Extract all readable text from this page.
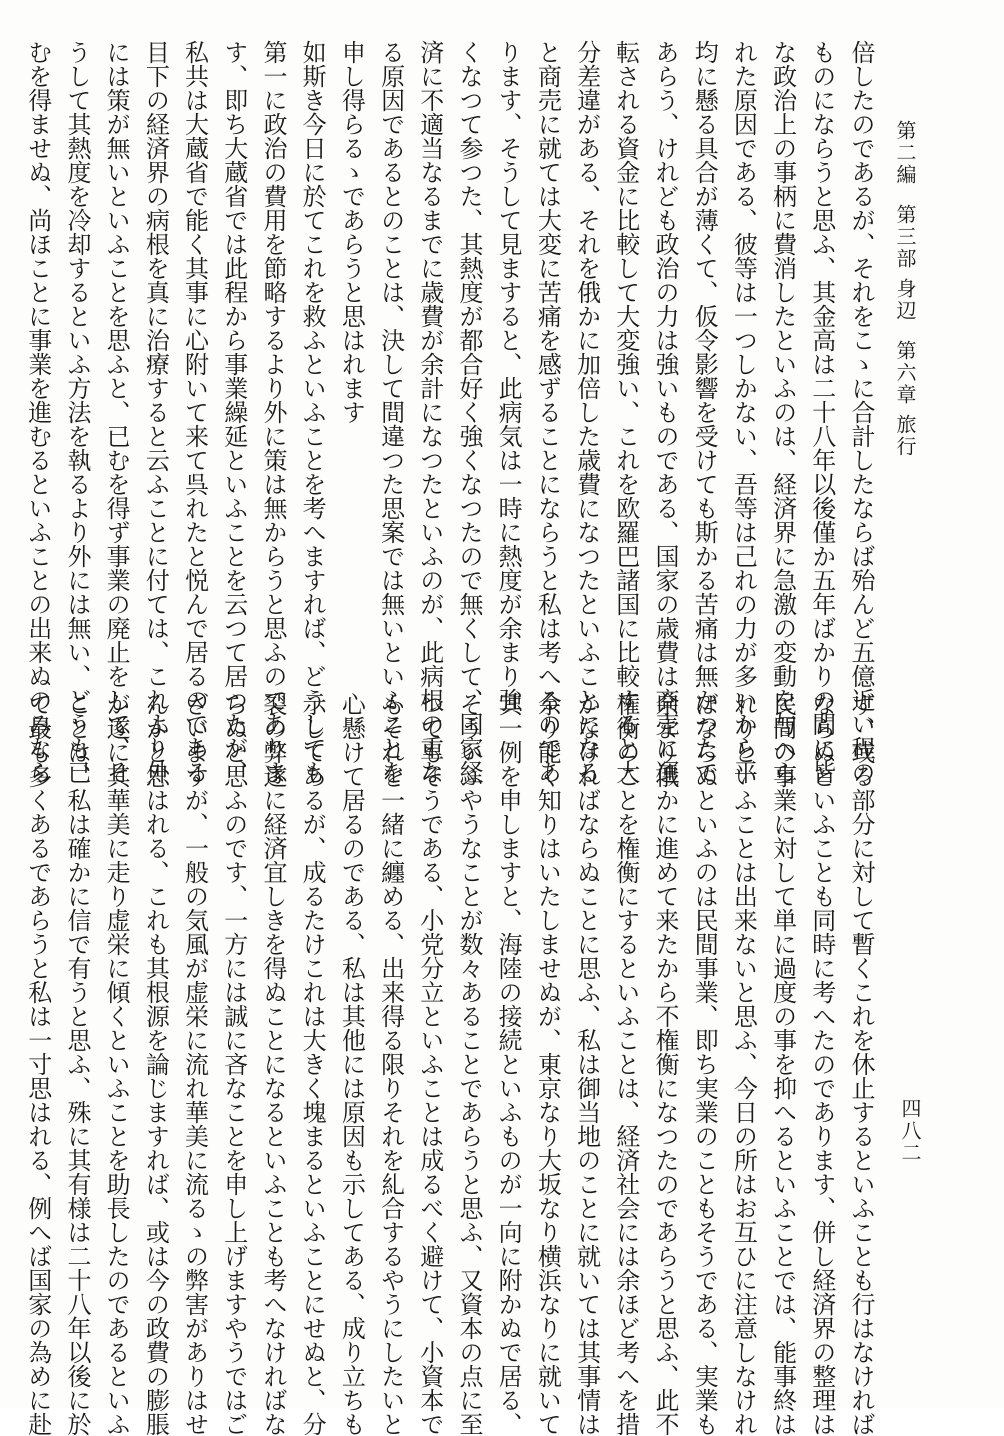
第二編第三部身辺第六章旅行
四八二

倍したのであるが、それをこゝに合計したならば殆んど五億近い程の

ものにならうと思ふ、其金高は二十八年以後僅か五年ばかりの間に皆

な政治上の事柄に費消したといふのは、経済界に急激の変動を与へら

れた原因である、彼等は一つしかない、吾等は己れの力が多いから平

均に懸る具合が薄くて、仮令影響を受けても斯かる苦痛は無かつたで

あらう、けれども政治の力は強いものである、国家の歳費は商売に運

転される資金に比較して大変強い、これを欧羅巴諸国に比較すると大

分差違がある、それを俄かに加倍した歳費になつたといふことになる

と商売に就ては大変に苦痛を感ずることにならうと私は考へるのであ

ります、そうして見ますると、此病気は一時に熱度が余まり強

くなつて参つた、其熱度が都合好く強くなつたので無くして、国家経

済に不適当なるまでに歳費が余計になつたといふのが、此病根の重な

る原因であるとのことは、決して間違つた思案では無いといふことを

申し得らるゝであらうと思はれます

如斯き今日に於てこれを救ふといふことを考へますれば、どうしても

第一に政治の費用を節略するより外に策は無からうと思ふのでありま

す、即ち大蔵省では此程から事業繰延といふことを云つて居つたが、

私共は大蔵省で能く其事に心附いて来て呉れたと悦んで居るのである

目下の経済界の病根を真に治療すると云ふことに付ては、これより外

には策が無いといふことを思ふと、已むを得ず事業の廃止をして、そ

うして其熱度を冷却するといふ方法を執るより外には無い、どうも已

むを得ませぬ、尚ほことに事業を進むるといふことの出来ぬのみなら

ず、或る部分に対して暫くこれを休止するといふことも行はなければ

ならぬといふことも同時に考へたのであります、併し経済界の整理は

民間の事業に対して単に過度の事を抑へるといふことでは、能事終は

れりといふことは出来ないと思ふ、今日の所はお互ひに注意しなけれ

ばならぬといふのは民間事業、即ち実業のこともそうである、実業も

余まり俄かに進めて来たから不権衡になつたのであらうと思ふ、此不

権衡のことを権衡にするといふことは、経済社会には余ほど考へを措

かなければならぬことに思ふ、私は御当地のことに就いては其事情は

余り能く知りはいたしませぬが、東京なり大坂なり横浜なりに就いて

其一例を申しますと、海陸の接続といふものが一向に附かぬで居る、

そういふやうなことが数々あることであらうと思ふ、又資本の点に至

つてもそうである、小党分立といふことは成るべく避けて、小資本で

もそれを一緒に纏める、出来得る限りそれを糺合するやうにしたいと

心懸けて居るのである、私は其他には原因も示してある、成り立ちも

示してあるが、成るたけこれは大きく塊まるといふことにせぬと、分

裂の弊遂に経済宜しきを得ぬことになるといふことも考へなければな

らぬと思ふのです、一方には誠に吝なことを申し上げますやうではご

ざいますが、一般の気風が虚栄に流れ華美に流るゝの弊害がありはせ

んかと思はれる、これも其根源を論じますれば、或は今の政費の膨脹

が遂に其華美に走り虚栄に傾くといふことを助長したのであるといふ

ことは、私は確かに信で有うと思ふ、殊に其有様は二十八年以後に於

て最も多くあるであらうと私は一寸思はれる、例へば国家の為めに赴
